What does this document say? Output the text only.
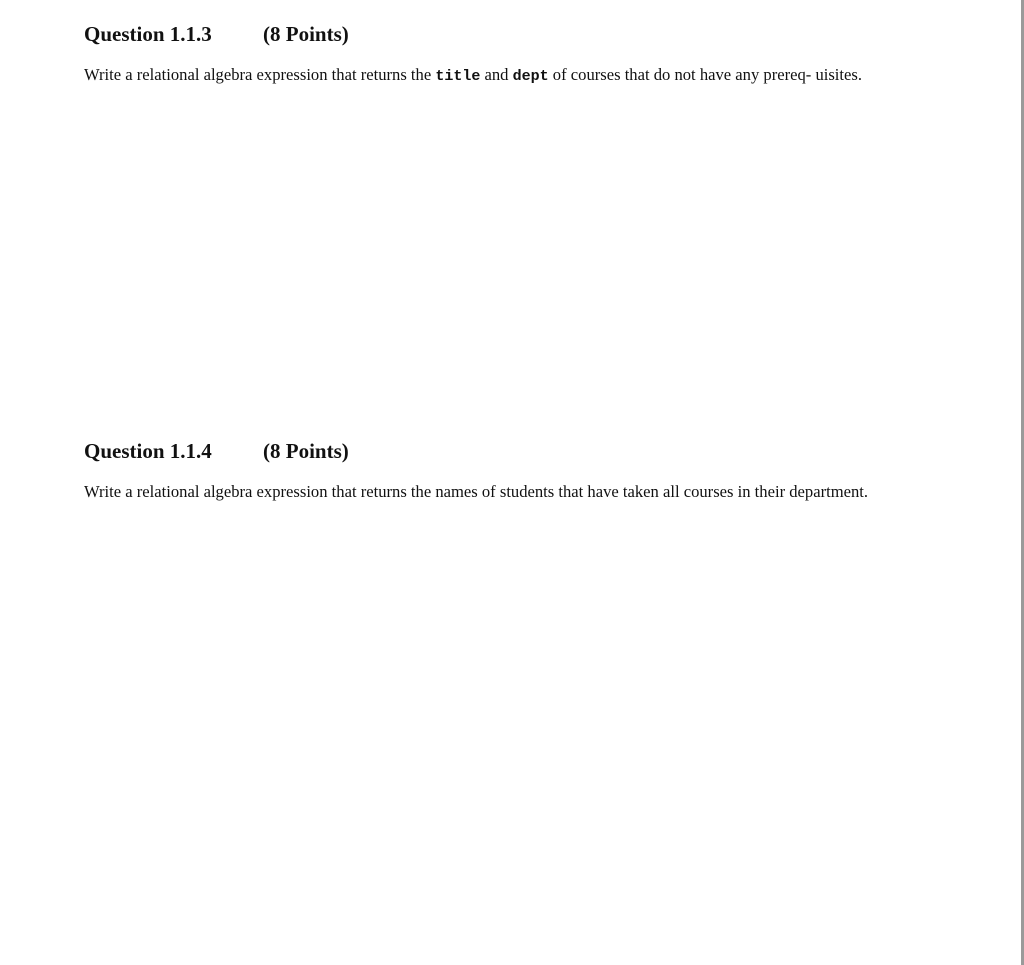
Question 1.1.3 (8 Points)
Write a relational algebra expression that returns the title and dept of courses that do not have any prereq- uisites.
Question 1.1.4 (8 Points)
Write a relational algebra expression that returns the names of students that have taken all courses in their department.
